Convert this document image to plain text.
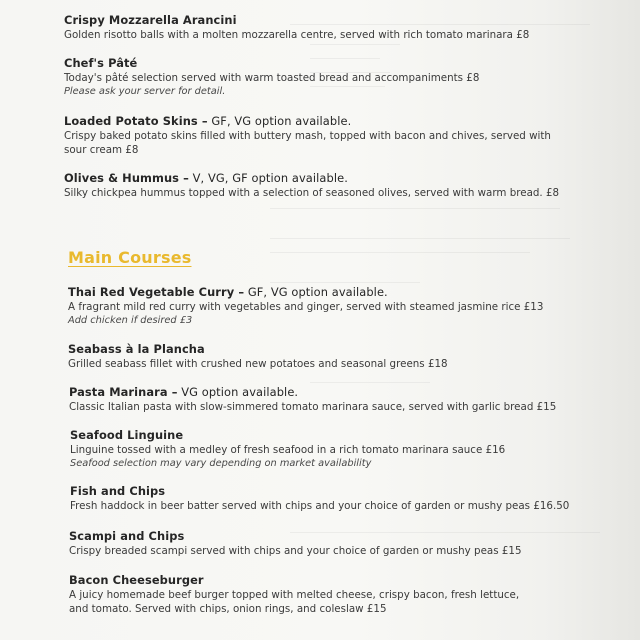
Crispy Mozzarella Arancini

Golden risotto balls with a molten mozzarella centre, served with rich tomato marinara £8

Chef's Pâté

Today's pâté selection served with warm toasted bread and accompaniments £8

Please ask your server for detail.

Loaded Potato Skins – GF, VG option available.

Crispy baked potato skins filled with buttery mash, topped with bacon and chives, served with sour cream £8

Olives & Hummus – V, VG, GF option available.

Silky chickpea hummus topped with a selection of seasoned olives, served with warm bread. £8

Main Courses

Thai Red Vegetable Curry – GF, VG option available.

A fragrant mild red curry with vegetables and ginger, served with steamed jasmine rice £13

Add chicken if desired £3

Seabass à la Plancha

Grilled seabass fillet with crushed new potatoes and seasonal greens £18

Pasta Marinara – VG option available.

Classic Italian pasta with slow-simmered tomato marinara sauce, served with garlic bread £15

Seafood Linguine

Linguine tossed with a medley of fresh seafood in a rich tomato marinara sauce £16

Seafood selection may vary depending on market availability

Fish and Chips

Fresh haddock in beer batter served with chips and your choice of garden or mushy peas £16.50

Scampi and Chips

Crispy breaded scampi served with chips and your choice of garden or mushy peas £15

Bacon Cheeseburger

A juicy homemade beef burger topped with melted cheese, crispy bacon, fresh lettuce, and tomato. Served with chips, onion rings, and coleslaw £15
